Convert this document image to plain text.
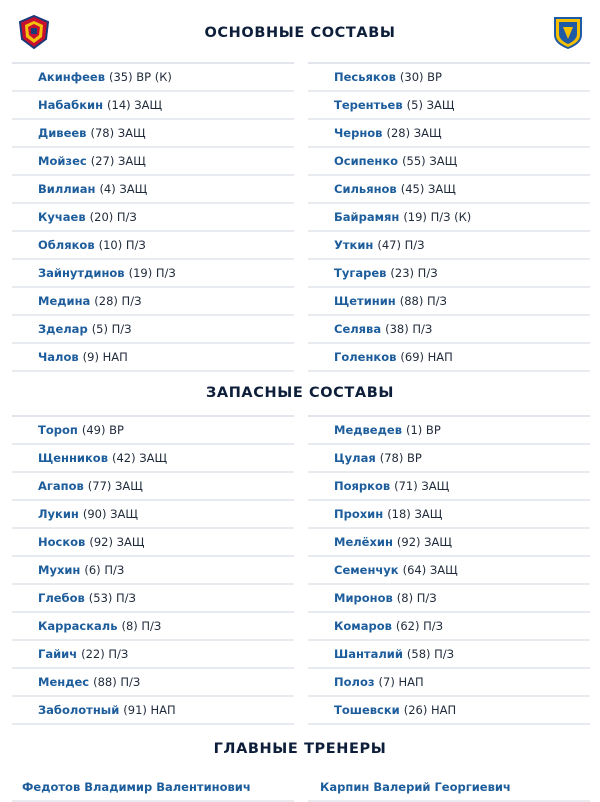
ОСНОВНЫЕ СОСТАВЫ
Акинфеев (35) ВР (К)
Набабкин (14) ЗАЩ
Дивеев (78) ЗАЩ
Мойзес (27) ЗАЩ
Виллиан (4) ЗАЩ
Кучаев (20) П/З
Обляков (10) П/З
Зайнутдинов (19) П/З
Медина (28) П/З
Зделар (5) П/З
Чалов (9) НАП
Песьяков (30) ВР
Терентьев (5) ЗАЩ
Чернов (28) ЗАЩ
Осипенко (55) ЗАЩ
Сильянов (45) ЗАЩ
Байрамян (19) П/З (К)
Уткин (47) П/З
Тугарев (23) П/З
Щетинин (88) П/З
Селява (38) П/З
Голенков (69) НАП
ЗАПАСНЫЕ СОСТАВЫ
Тороп (49) ВР
Щенников (42) ЗАЩ
Агапов (77) ЗАЩ
Лукин (90) ЗАЩ
Носков (92) ЗАЩ
Мухин (6) П/З
Глебов (53) П/З
Карраскаль (8) П/З
Гайич (22) П/З
Мендес (88) П/З
Заболотный (91) НАП
Медведев (1) ВР
Цулая (78) ВР
Поярков (71) ЗАЩ
Прохин (18) ЗАЩ
Мелёхин (92) ЗАЩ
Семенчук (64) ЗАЩ
Миронов (8) П/З
Комаров (62) П/З
Шанталий (58) П/З
Полоз (7) НАП
Тошевски (26) НАП
ГЛАВНЫЕ ТРЕНЕРЫ
Федотов Владимир Валентинович	Карпин Валерий Георгиевич
